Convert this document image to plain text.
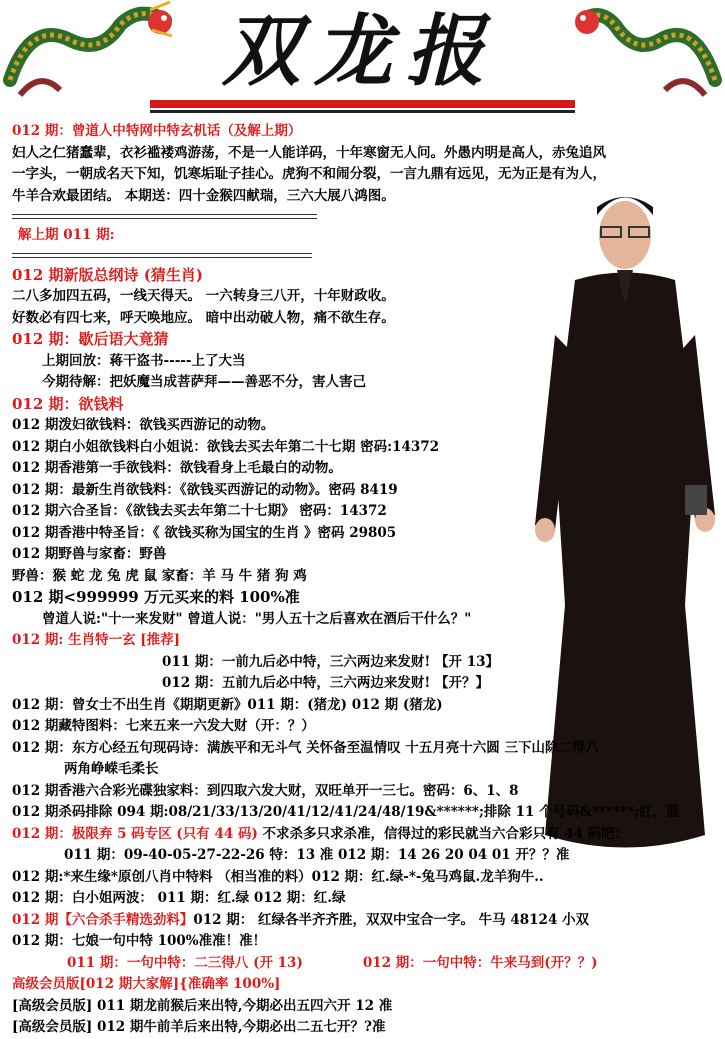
双龙报
012 期：曾道人中特网中特玄机话（及解上期）
妇人之仁猪蠢辈，衣衫褴褛鸡游荡，不是一人能详码，十年寒窗无人问。外愚内明是高人，赤兔追风
一字头，一朝成名天下知，饥寒垢耻子挂心。虎狗不和闹分裂，一言九鼎有远见，无为正是有为人，
牛羊合欢最团结。 本期送：四十金猴四献瑞，三六大展八鸿图。
解上期 011 期:
012 期新版总纲诗 (猜生肖)
二八多加四五码，一线天得天。 一六转身三八开，十年财政收。
好数必有四七来，呼天唤地应。 暗中出动破人物，痛不欲生存。
012 期：歇后语大竟猜
上期回放：蒋干盗书-----上了大当
今期待解：把妖魔当成菩萨拜——善恶不分，害人害己
012 期：欲钱料
012 期泼妇欲钱料：欲钱买西游记的动物。
012 期白小姐欲钱料白小姐说：欲钱去买去年第二十七期 密码:14372
012 期香港第一手欲钱料：欲钱看身上毛最白的动物。
012 期：最新生肖欲钱料：《欲钱买西游记的动物》。密码 8419
012 期六合圣旨：《欲钱去买去年第二十七期》 密码：14372
012 期香港中特圣旨：《 欲钱买称为国宝的生肖 》密码 29805
012 期野兽与家畜：野兽
野兽：猴 蛇 龙 兔 虎 鼠 家畜：羊 马 牛 猪 狗 鸡
012 期<999999 万元买来的料 100%准
曾道人说:"十一来发财" 曾道人说："男人五十之后喜欢在酒后干什么？"
012 期: 生肖特一玄 [推荐]
011 期：一前九后必中特，三六两边来发财! 【开 13】
012 期：五前九后必中特，三六两边来发财! 【开？】
012 期：曾女士不出生肖《期期更新》011 期：(猪龙) 012 期 (猪龙)
012 期藏特图料：七来五来一六发大财（开：？）
012 期：东方心经五句现码诗：满族平和无斗气 关怀备至温情叹 十五月亮十六圆 三下山除二得八
两角峥嵘毛柔长
012 期香港六合彩光碟独家料：到四取六发大财，双旺单开一三七。密码：6、1、8
012 期杀码排除 094 期:08/21/33/13/20/41/12/41/24/48/19&******;排除 11 个号码&******;红，蓝
012 期：极限弃 5 码专区 (只有 44 码) 不求杀多只求杀准，信得过的彩民就当六合彩只有 44 码吧!
011 期：09-40-05-27-22-26 特：13 准 012 期：14 26 20 04 01 开？？准
012 期:*来生缘*原创八肖中特料 （相当准的料）012 期：红.绿-*-兔马鸡鼠.龙羊狗牛..
012 期：白小姐两波： 011 期：红.绿 012 期：红.绿
012 期【六合杀手精选劲料】012 期： 红绿各半齐齐胜，双双中宝合一字。 牛马 48124 小双
012 期：七娘一句中特 100%准准！准！
011 期：一句中特：二三得八 (开 13)	012 期：一句中特：牛来马到(开？？)
高级会员版[012 期大家解]{准确率 100%]
[高级会员版] 011 期龙前猴后来出特,今期必出五四六开 12 准
[高级会员版] 012 期牛前羊后来出特,今期必出二五七开？?准
